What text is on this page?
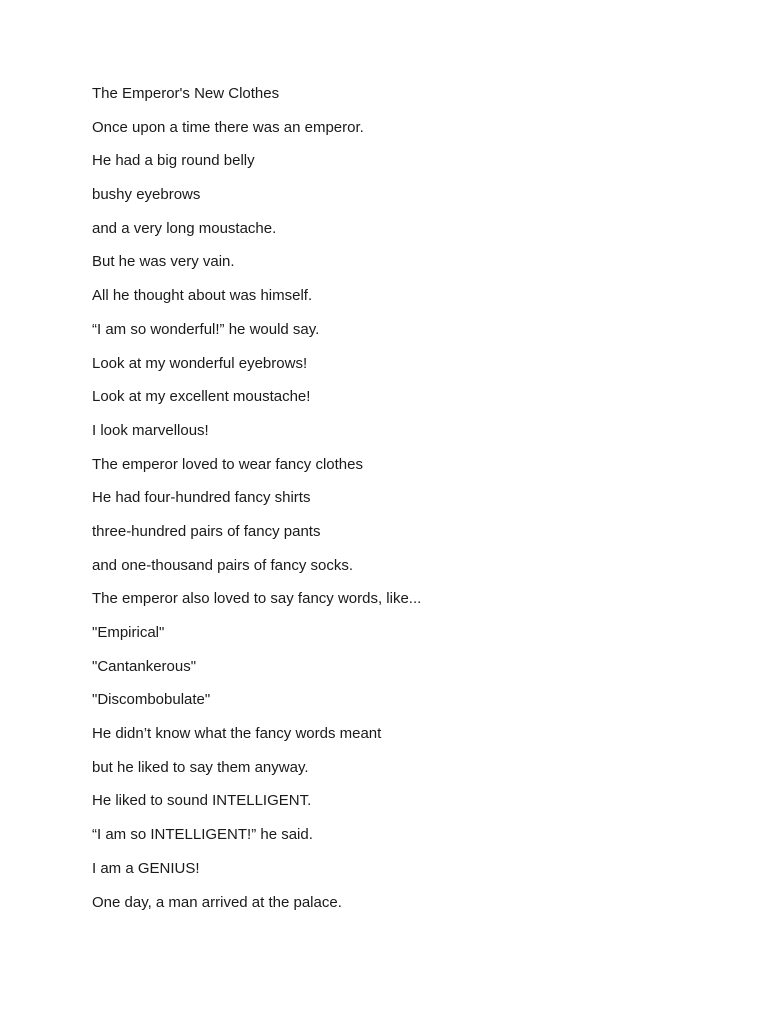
The Emperor's New Clothes
Once upon a time there was an emperor.
He had a big round belly
bushy eyebrows
and a very long moustache.
But he was very vain.
All he thought about was himself.
“I am so wonderful!” he would say.
Look at my wonderful eyebrows!
Look at my excellent moustache!
I look marvellous!
The emperor loved to wear fancy clothes
He had four-hundred fancy shirts
three-hundred pairs of fancy pants
and one-thousand pairs of fancy socks.
The emperor also loved to say fancy words, like...
"Empirical"
"Cantankerous"
"Discombobulate"
He didn’t know what the fancy words meant
but he liked to say them anyway.
He liked to sound INTELLIGENT.
“I am so INTELLIGENT!” he said.
I am a GENIUS!
One day, a man arrived at the palace.
